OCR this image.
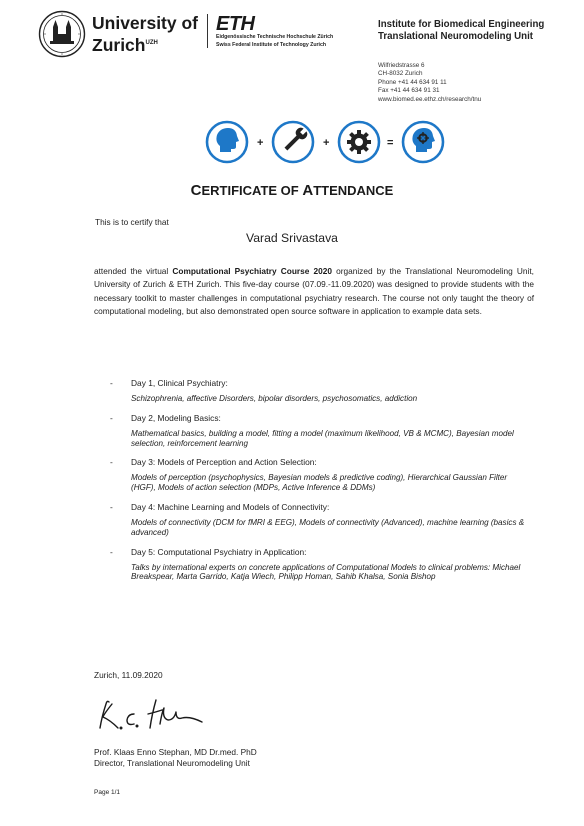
University of
Zurich$^{UZH}$
ETH
Eidgenössische Technische Hochschule Zürich
Swiss Federal Institute of Technology Zurich
Institute for Biomedical Engineering
Translational Neuromodeling Unit
Wilfriedstrasse 6
CH-8032 Zurich
Phone +41 44 634 91 11
Fax +41 44 634 91 31
www.biomed.ee.ethz.ch/research/tnu
+	+	=
CERTIFICATE OF ATTENDANCE
This is to certify that
Varad Srivastava
attended the virtual Computational Psychiatry Course 2020 organized by the Translational Neuromodeling Unit, University of Zurich & ETH Zurich. This five-day course (07.09.-11.09.2020) was designed to provide students with the necessary toolkit to master challenges in computational psychiatry research. The course not only taught the theory of computational modeling, but also demonstrated open source software in application to example data sets.
- Day 1, Clinical Psychiatry:
Schizophrenia, affective Disorders, bipolar disorders, psychosomatics, addiction
- Day 2, Modeling Basics:
Mathematical basics, building a model, fitting a model (maximum likelihood, VB & MCMC), Bayesian model selection, reinforcement learning
- Day 3: Models of Perception and Action Selection:
Models of perception (psychophysics, Bayesian models & predictive coding), Hierarchical Gaussian Filter (HGF), Models of action selection (MDPs, Active Inference & DDMs)
- Day 4: Machine Learning and Models of Connectivity:
Models of connectivity (DCM for fMRI & EEG), Models of connectivity (Advanced), machine learning (basics & advanced)
- Day 5: Computational Psychiatry in Application:
Talks by international experts on concrete applications of Computational Models to clinical problems: Michael Breakspear, Marta Garrido, Katja Wiech, Philipp Homan, Sahib Khalsa, Sonia Bishop
Zurich, 11.09.2020
Prof. Klaas Enno Stephan, MD Dr.med. PhD
Director, Translational Neuromodeling Unit
Page 1/1
